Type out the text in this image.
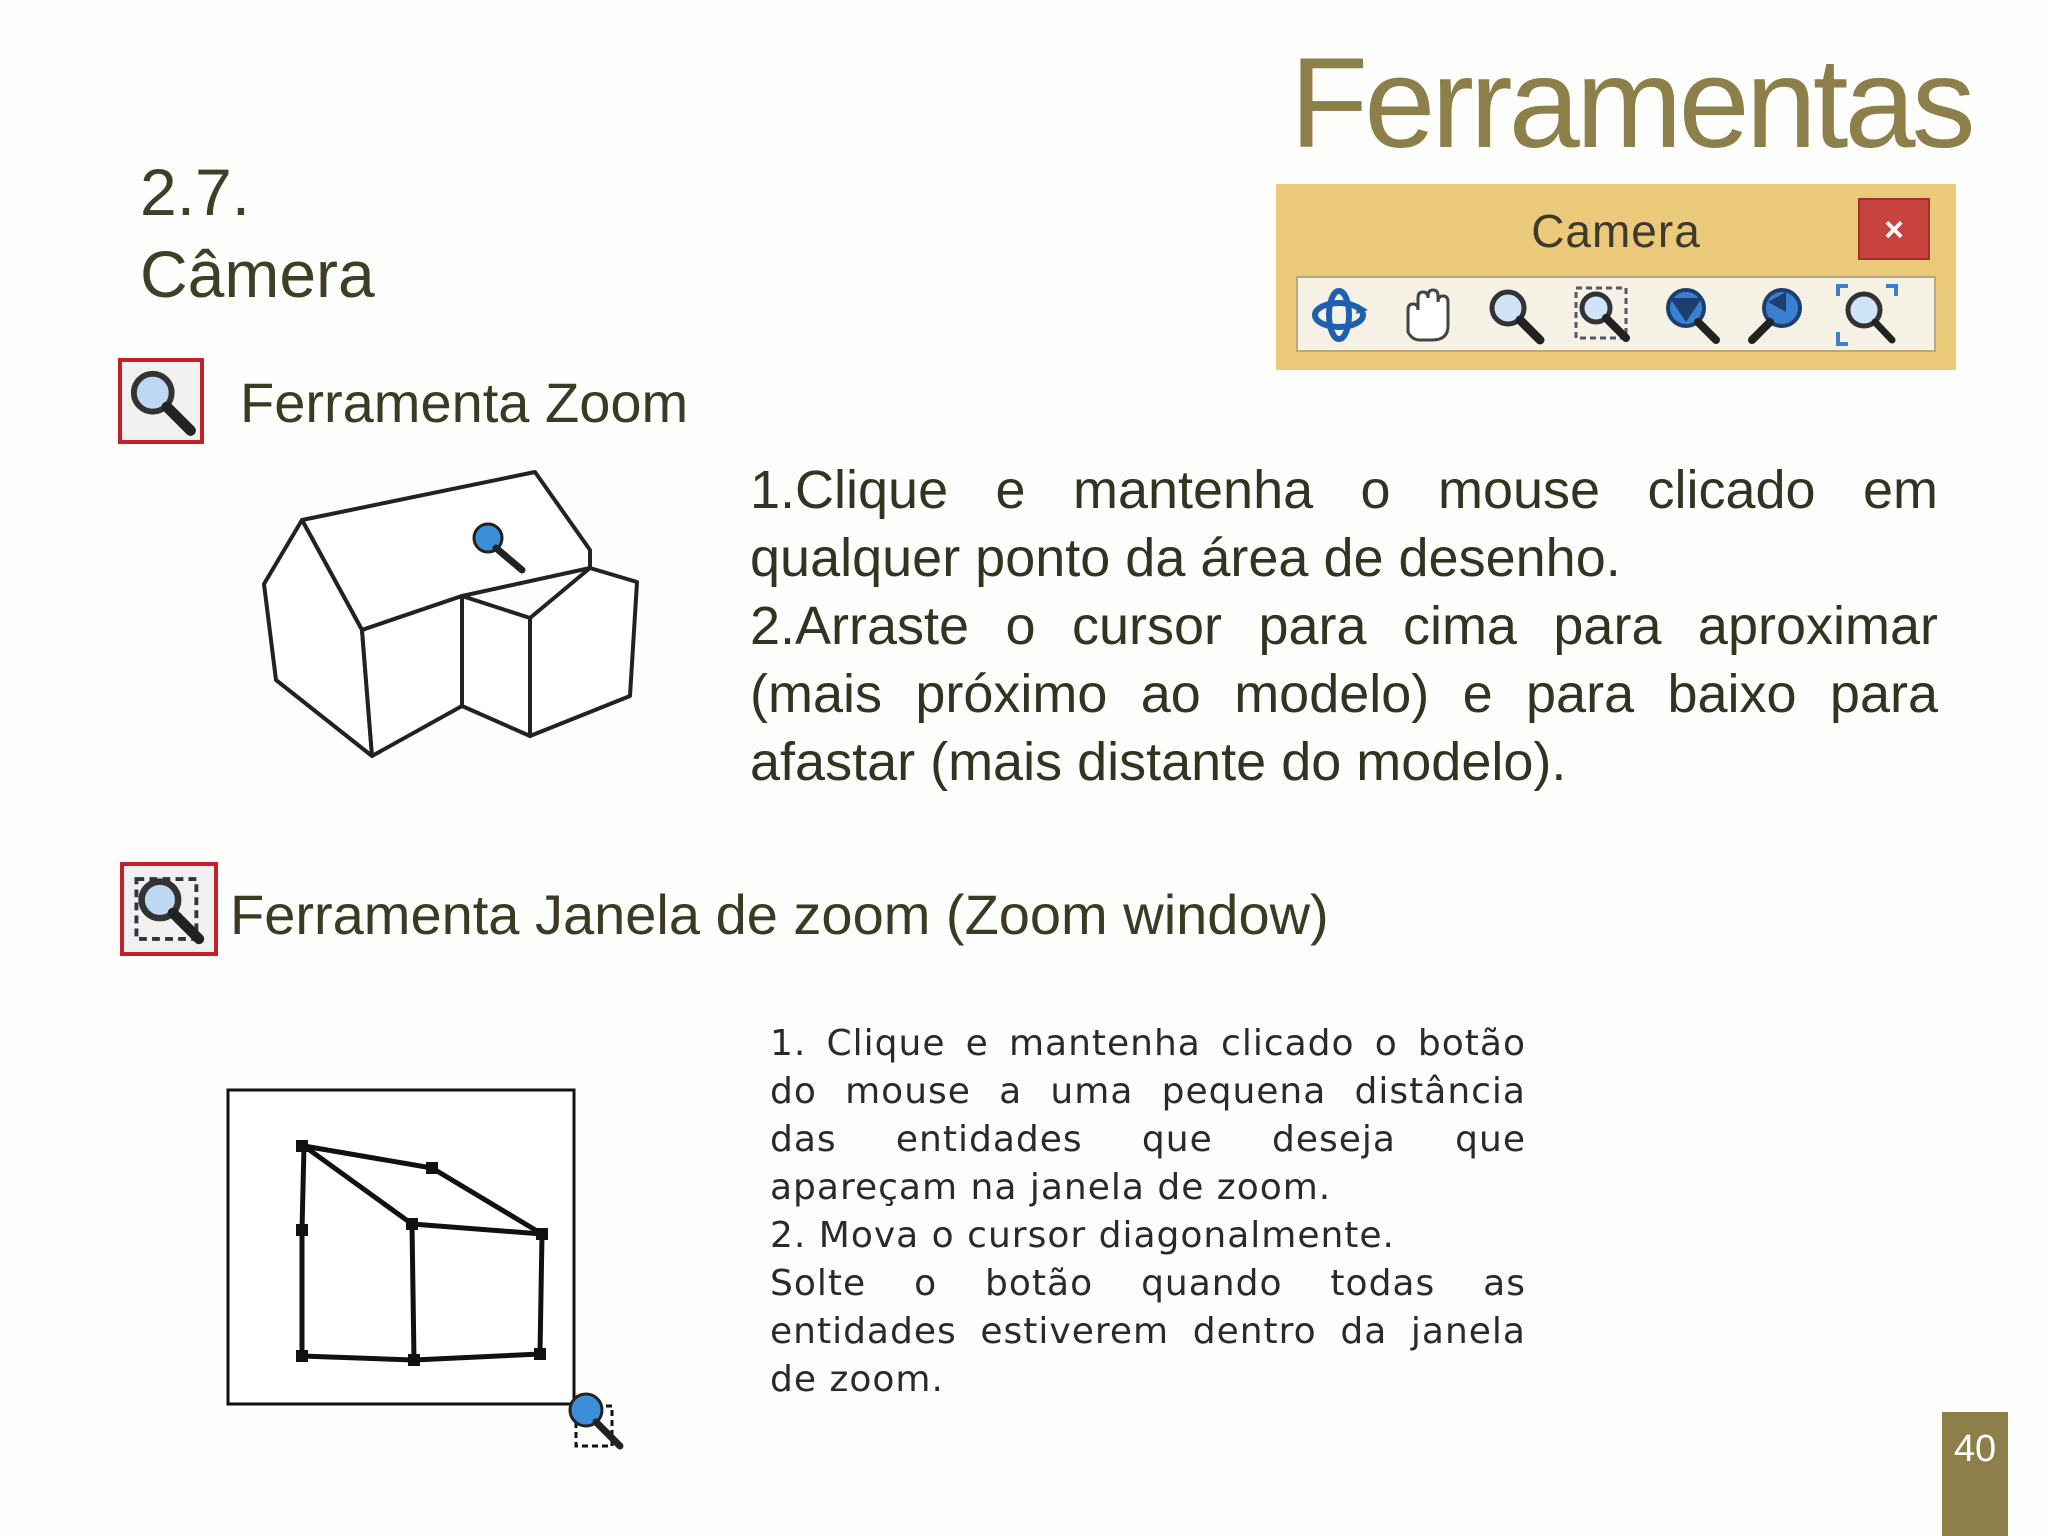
Ferramentas
2.7.
Câmera
Camera	×
Ferramenta Zoom

1.Clique e mantenha o mouse clicado em qualquer ponto da área de desenho.

2.Arraste o cursor para cima para aproximar (mais próximo ao modelo) e para baixo para afastar (mais distante do modelo).

Ferramenta Janela de zoom (Zoom window)

1. Clique e mantenha clicado o botão do mouse a uma pequena distância das entidades que deseja que apareçam na janela de zoom.

2. Mova o cursor diagonalmente.

Solte o botão quando todas as entidades estiverem dentro da janela de zoom.

40
